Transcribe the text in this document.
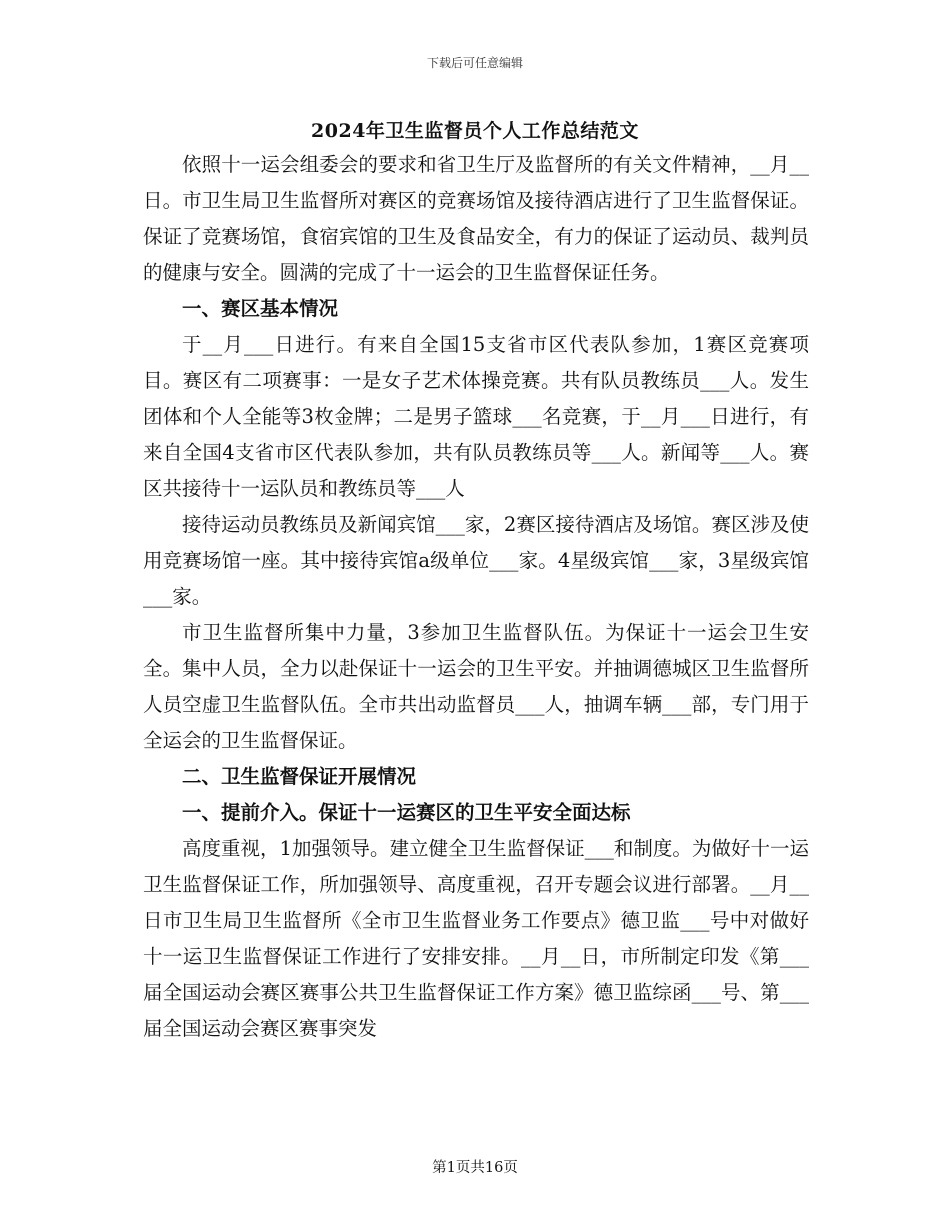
下载后可任意编辑
2024年卫生监督员个人工作总结范文

依照十一运会组委会的要求和省卫生厅及监督所的有关文件精神，__月__日。市卫生局卫生监督所对赛区的竞赛场馆及接待酒店进行了卫生监督保证。保证了竞赛场馆，食宿宾馆的卫生及食品安全，有力的保证了运动员、裁判员的健康与安全。圆满的完成了十一运会的卫生监督保证任务。

一、赛区基本情况

于__月___日进行。有来自全国15支省市区代表队参加，1赛区竞赛项目。赛区有二项赛事：一是女子艺术体操竞赛。共有队员教练员___人。发生团体和个人全能等3枚金牌；二是男子篮球___名竞赛，于__月___日进行，有来自全国4支省市区代表队参加，共有队员教练员等___人。新闻等___人。赛区共接待十一运队员和教练员等___人

接待运动员教练员及新闻宾馆___家，2赛区接待酒店及场馆。赛区涉及使用竞赛场馆一座。其中接待宾馆a级单位___家。4星级宾馆___家，3星级宾馆___家。

市卫生监督所集中力量，3参加卫生监督队伍。为保证十一运会卫生安全。集中人员，全力以赴保证十一运会的卫生平安。并抽调德城区卫生监督所人员空虚卫生监督队伍。全市共出动监督员___人，抽调车辆___部，专门用于全运会的卫生监督保证。

二、卫生监督保证开展情况

一、提前介入。保证十一运赛区的卫生平安全面达标

高度重视，1加强领导。建立健全卫生监督保证___和制度。为做好十一运卫生监督保证工作，所加强领导、高度重视，召开专题会议进行部署。__月__日市卫生局卫生监督所《全市卫生监督业务工作要点》德卫监___号中对做好十一运卫生监督保证工作进行了安排安排。__月__日，市所制定印发《第___届全国运动会赛区赛事公共卫生监督保证工作方案》德卫监综函___号、第___届全国运动会赛区赛事突发

第1页共16页
